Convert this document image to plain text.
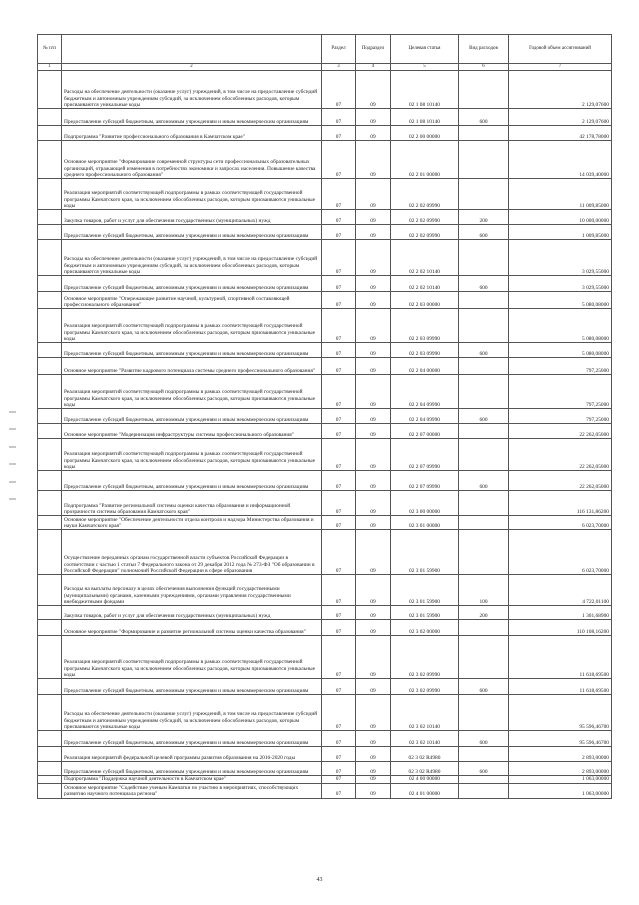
№ п/п		Раздел	Подраздел	Целевая статья	Вид расходов	Годовой объем ассигнований
1	2	3	4	5	6	7
	Расходы на обеспечение деятельности (оказание услуг) учреждений, в том числе на предоставление субсидий бюджетным и автономным учреждениям субсидий, за исключением обособленных расходов, которым присваиваются уникальные коды	07	09	02 1 08 10140		2 129,07600
	Предоставление субсидий бюджетным, автономным учреждениям и иным некоммерческим организациям	07	09	02 1 08 10140	600	2 129,07600
	Подпрограмма "Развитие профессионального образования в Камчатском крае"	07	09	02 2 00 00000		42 178,78000
	Основное мероприятие "Формирование современной структуры сети профессиональных образовательных организаций, отражающей изменения в потребностях экономики и запросах населения. Повышение качества среднего профессионального образования"	07	09	02 2 01 00000		14 039,40000
	Реализация мероприятий соответствующей подпрограммы в рамках соответствующей государственной программы Камчатского края, за исключением обособленных расходов, которым присваиваются уникальные коды	07	09	02 2 02 09990		11 009,85000
	Закупка товаров, работ и услуг для обеспечения государственных (муниципальных) нужд	07	09	02 2 02 09990	200	10 000,00000
	Предоставление субсидий бюджетным, автономным учреждениям и иным некоммерческим организациям	07	09	02 2 02 09990	600	1 009,85000
	Расходы на обеспечение деятельности (оказание услуг) учреждений, в том числе на предоставление субсидий бюджетным и автономным учреждениям субсидий, за исключением обособленных расходов, которым присваиваются уникальные коды	07	09	02 2 02 10140		3 029,55000
	Предоставление субсидий бюджетным, автономным учреждениям и иным некоммерческим организациям	07	09	02 2 02 10140	600	3 029,55000
	Основное мероприятие "Опережающее развитие научной, культурной, спортивной составляющей профессионального образования"	07	09	02 2 03 00000		5 080,08000
	Реализация мероприятий соответствующей подпрограммы в рамках соответствующей государственной программы Камчатского края, за исключением обособленных расходов, которым присваиваются уникальные коды	07	09	02 2 03 09990		5 080,08000
	Предоставление субсидий бюджетным, автономным учреждениям и иным некоммерческим организациям	07	09	02 2 03 09990	600	5 080,08000
	Основное мероприятие "Развитие кадрового потенциала системы среднего профессионального образования"	07	09	02 2 04 00000		797,25000
	Реализация мероприятий соответствующей подпрограммы в рамках соответствующей государственной программы Камчатского края, за исключением обособленных расходов, которым присваиваются уникальные коды	07	09	02 2 04 09990		797,25000
	Предоставление субсидий бюджетным, автономным учреждениям и иным некоммерческим организациям	07	09	02 2 04 09990	600	797,25000
	Основное мероприятие "Модернизация инфраструктуры системы профессионального образования"	07	09	02 2 07 00000		22 262,05000
	Реализация мероприятий соответствующей подпрограммы в рамках соответствующей государственной программы Камчатского края, за исключением обособленных расходов, которым присваиваются уникальные коды	07	09	02 2 07 09990		22 262,05000
	Предоставление субсидий бюджетным, автономным учреждениям и иным некоммерческим организациям	07	09	02 2 07 09990	600	22 262,05000
	Подпрограмма "Развитие региональной системы оценки качества образования и информационной прозрачности системы образования Камчатского края"	07	09	02 3 00 00000		116 131,86200
	Основное мероприятие "Обеспечение деятельности отдела контроля и надзора Министерства образования и науки Камчатского края"	07	09	02 3 01 00000		6 023,70000
	Осуществление переданных органам государственной власти субъектов Российской Федерации в соответствии с частью 1 статьи 7 Федерального закона от 29 декабря 2012 года № 273-ФЗ "Об образовании в Российской Федерации" полномочий Российской Федерации в сфере образования	07	09	02 3 01 59900		6 023,70000
	Расходы на выплаты персоналу в целях обеспечения выполнения функций государственными (муниципальными) органами, казенными учреждениями, органами управления государственными внебюджетными фондами	07	09	02 3 01 59900	100	4 722,01100
	Закупка товаров, работ и услуг для обеспечения государственных (муниципальных) нужд	07	09	02 3 01 59900	200	1 301,68900
	Основное мероприятие "Формирование и развитие региональной системы оценки качества образования"	07	09	02 3 02 00000		110 108,16200
	Реализация мероприятий соответствующей подпрограммы в рамках соответствующей государственной программы Камчатского края, за исключением обособленных расходов, которым присваиваются уникальные коды	07	09	02 3 02 09990		11 618,69500
	Предоставление субсидий бюджетным, автономным учреждениям и иным некоммерческим организациям	07	09	02 3 02 09990	600	11 618,69500
	Расходы на обеспечение деятельности (оказание услуг) учреждений, в том числе на предоставление субсидий бюджетным и автономным учреждениям субсидий, за исключением обособленных расходов, которым присваиваются уникальные коды	07	09	02 3 02 10140		95 596,46700
	Предоставление субсидий бюджетным, автономным учреждениям и иным некоммерческим организациям	07	09	02 3 02 10140	600	95 596,46700
	Реализация мероприятий федеральной целевой программы развития образования на 2016-2020 годы	07	09	02 3 02 R4980		2 893,00000
	Предоставление субсидий бюджетным, автономным учреждениям и иным некоммерческим организациям	07	09	02 3 02 R4980	600	2 893,00000
	Подпрограмма "Поддержка научной деятельности в Камчатском крае"	07	09	02 4 00 00000		1 063,00000
	Основное мероприятие "Содействие ученым Камчатки по участию в мероприятиях, способствующих развитию научного потенциала региона"	07	09	02 4 01 00000		1 063,00000
43
